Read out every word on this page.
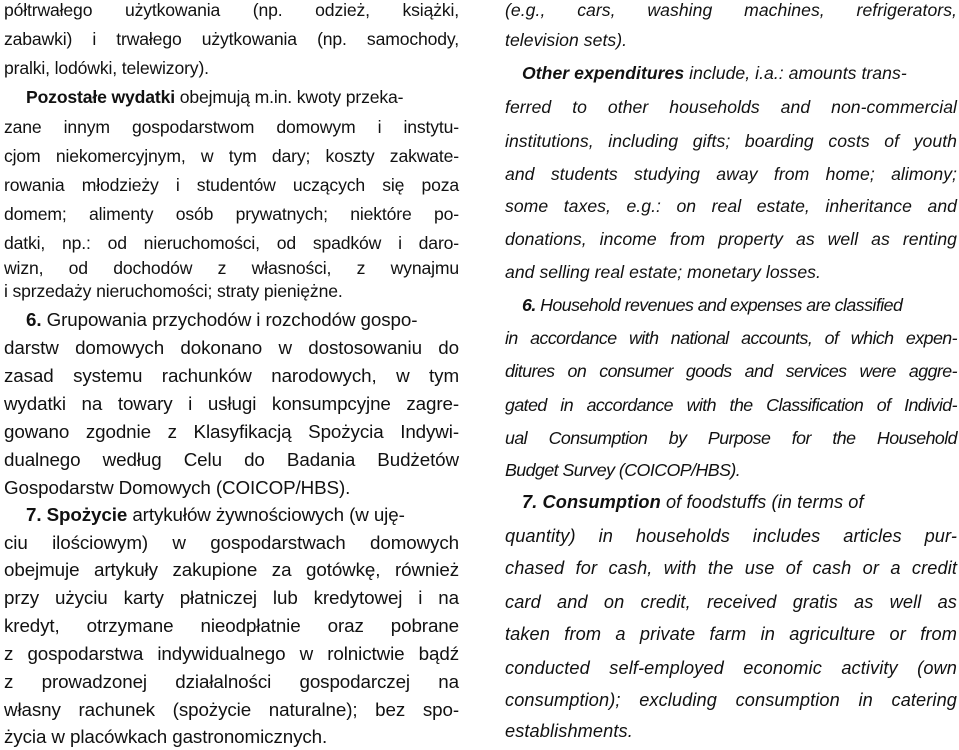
półtrwałego użytkowania (np. odzież, książki,
zabawki) i trwałego użytkowania (np. samochody,
pralki, lodówki, telewizory).
Pozostałe wydatki obejmują m.in. kwoty przeka-
zane innym gospodarstwom domowym i instytu-
cjom niekomercyjnym, w tym dary; koszty zakwate-
rowania młodzieży i studentów uczących się poza
domem; alimenty osób prywatnych; niektóre po-
datki, np.: od nieruchomości, od spadków i daro-
wizn, od dochodów z własności, z wynajmu
i sprzedaży nieruchomości; straty pieniężne.
6. Grupowania przychodów i rozchodów gospo-
darstw domowych dokonano w dostosowaniu do
zasad systemu rachunków narodowych, w tym
wydatki na towary i usługi konsumpcyjne zagre-
gowano zgodnie z Klasyfikacją Spożycia Indywi-
dualnego według Celu do Badania Budżetów
Gospodarstw Domowych (COICOP/HBS).
7. Spożycie artykułów żywnościowych (w uję-
ciu ilościowym) w gospodarstwach domowych
obejmuje artykuły zakupione za gotówkę, również
przy użyciu karty płatniczej lub kredytowej i na
kredyt, otrzymane nieodpłatnie oraz pobrane
z gospodarstwa indywidualnego w rolnictwie bądź
z prowadzonej działalności gospodarczej na
własny rachunek (spożycie naturalne); bez spo-
życia w placówkach gastronomicznych.
(e.g., cars, washing machines, refrigerators,
television sets).
Other expenditures include, i.a.: amounts trans-
ferred to other households and non-commercial
institutions, including gifts; boarding costs of youth
and students studying away from home; alimony;
some taxes, e.g.: on real estate, inheritance and
donations, income from property as well as renting
and selling real estate; monetary losses.
6. Household revenues and expenses are classified
in accordance with national accounts, of which expen-
ditures on consumer goods and services were aggre-
gated in accordance with the Classification of Individ-
ual Consumption by Purpose for the Household
Budget Survey (COICOP/HBS).
7. Consumption of foodstuffs (in terms of
quantity) in households includes articles pur-
chased for cash, with the use of cash or a credit
card and on credit, received gratis as well as
taken from a private farm in agriculture or from
conducted self-employed economic activity (own
consumption); excluding consumption in catering
establishments.
